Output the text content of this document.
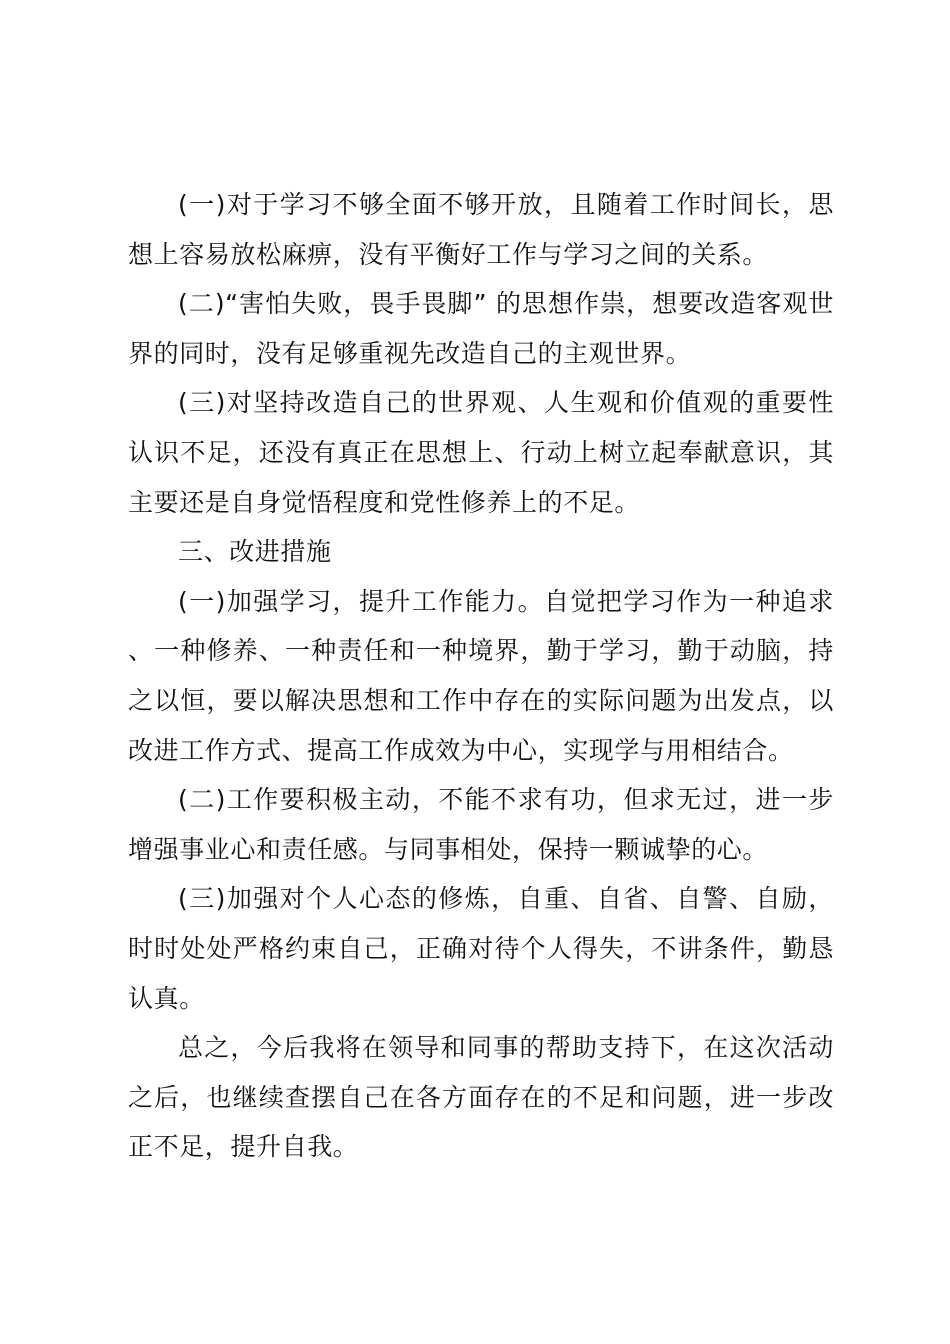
(一)对于学习不够全面不够开放，且随着工作时间长，思想上容易放松麻痹，没有平衡好工作与学习之间的关系。

(二)“害怕失败，畏手畏脚” 的思想作祟，想要改造客观世界的同时，没有足够重视先改造自己的主观世界。

(三)对坚持改造自己的世界观、人生观和价值观的重要性认识不足，还没有真正在思想上、行动上树立起奉献意识，其主要还是自身觉悟程度和党性修养上的不足。

三、改进措施

(一)加强学习，提升工作能力。自觉把学习作为一种追求、一种修养、一种责任和一种境界，勤于学习，勤于动脑，持之以恒，要以解决思想和工作中存在的实际问题为出发点，以改进工作方式、提高工作成效为中心，实现学与用相结合。

(二)工作要积极主动，不能不求有功，但求无过，进一步增强事业心和责任感。与同事相处，保持一颗诚挚的心。

(三)加强对个人心态的修炼，自重、自省、自警、自励，时时处处严格约束自己，正确对待个人得失，不讲条件，勤恳认真。

总之，今后我将在领导和同事的帮助支持下，在这次活动之后，也继续查摆自己在各方面存在的不足和问题，进一步改正不足，提升自我。
